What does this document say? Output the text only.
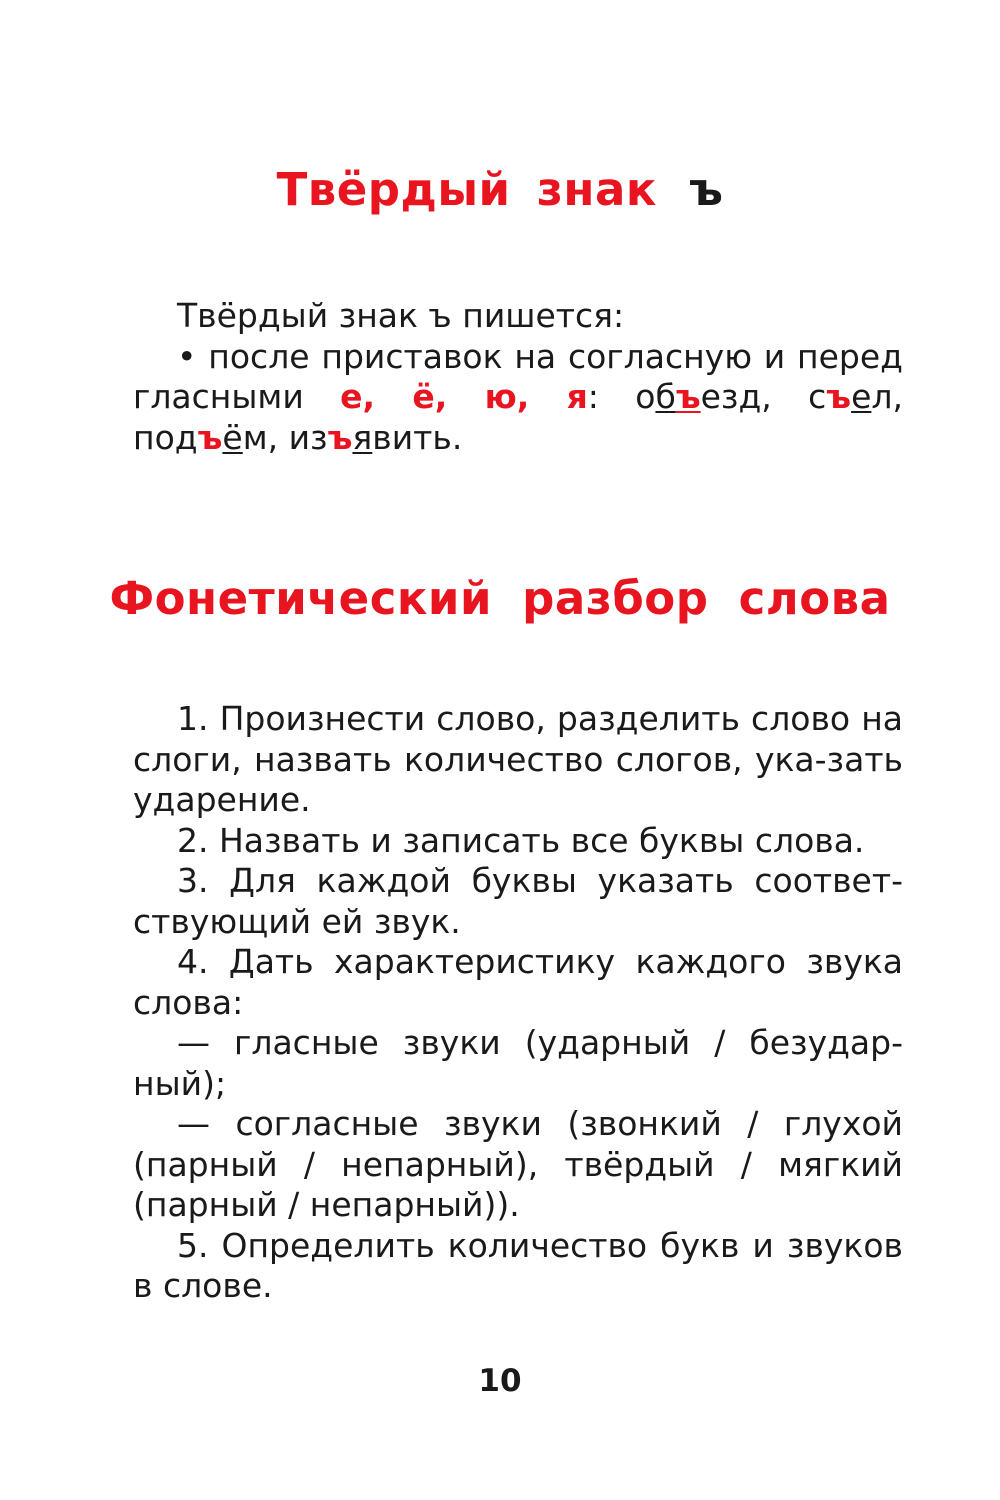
Твёрдый знак ъ

Твёрдый знак ъ пишется:

• после приставок на согласную и перед гласными е, ё, ю, я: объезд, съел, подъём, изъявить.

Фонетический разбор слова

1. Произнести слово, разделить слово на слоги, назвать количество слогов, ука-зать ударение.

2. Назвать и записать все буквы слова.

3. Для каждой буквы указать соответ-ствующий ей звук.

4. Дать характеристику каждого звука слова:

— гласные звуки (ударный / безудар-ный);

— согласные звуки (звонкий / глухой (парный / непарный), твёрдый / мягкий (парный / непарный)).

5. Определить количество букв и звуков в слове.

10
